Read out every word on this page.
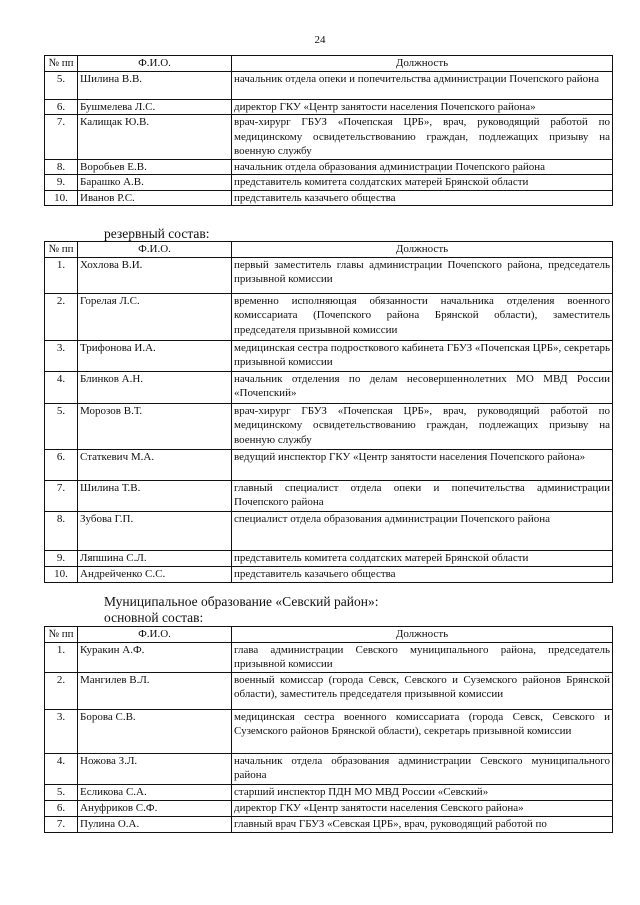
24
№ пп	Ф.И.О.	Должность
5.	Шилина В.В.	начальник отдела опеки и попечительства администрации Почепского района
6.	Бушмелева Л.С.	директор ГКУ «Центр занятости населения Почепского района»
7.	Калищак Ю.В.	врач-хирург ГБУЗ «Почепская ЦРБ», врач, руководящий работой по медицинскому освидетельствованию граждан, подлежащих призыву на военную службу
8.	Воробьев Е.В.	начальник отдела образования администрации Почепского района
9.	Барашко А.В.	представитель комитета солдатских матерей Брянской области
10.	Иванов Р.С.	представитель казачьего общества
резервный состав:
№ пп	Ф.И.О.	Должность
1.	Хохлова В.И.	первый заместитель главы администрации Почепского района, председатель призывной комиссии
2.	Горелая Л.С.	временно исполняющая обязанности начальника отделения военного комиссариата (Почепского района Брянской области), заместитель председателя призывной комиссии
3.	Трифонова И.А.	медицинская сестра подросткового кабинета ГБУЗ «Почепская ЦРБ», секретарь призывной комиссии
4.	Блинков А.Н.	начальник отделения по делам несовершеннолетних МО МВД России «Почепский»
5.	Морозов В.Т.	врач-хирург ГБУЗ «Почепская ЦРБ», врач, руководящий работой по медицинскому освидетельствованию граждан, подлежащих призыву на военную службу
6.	Статкевич М.А.	ведущий инспектор ГКУ «Центр занятости населения Почепского района»
7.	Шилина Т.В.	главный специалист отдела опеки и попечительства администрации Почепского района
8.	Зубова Г.П.	специалист отдела образования администрации Почепского района
9.	Ляпшина С.Л.	представитель комитета солдатских матерей Брянской области
10.	Андрейченко С.С.	представитель казачьего общества
Муниципальное образование «Севский район»:
основной состав:
№ пп	Ф.И.О.	Должность
1.	Куракин А.Ф.	глава администрации Севского муниципального района, председатель призывной комиссии
2.	Мангилев В.Л.	военный комиссар (города Севск, Севского и Суземского районов Брянской области), заместитель председателя призывной комиссии
3.	Борова С.В.	медицинская сестра военного комиссариата (города Севск, Севского и Суземского районов Брянской области), секретарь призывной комиссии
4.	Ножова З.Л.	начальник отдела образования администрации Севского муниципального района
5.	Есликова С.А.	старший инспектор ПДН МО МВД России «Севский»
6.	Ануфриков С.Ф.	директор ГКУ «Центр занятости населения Севского района»
7.	Пулина О.А.	главный врач ГБУЗ «Севская ЦРБ», врач, руководящий работой по
